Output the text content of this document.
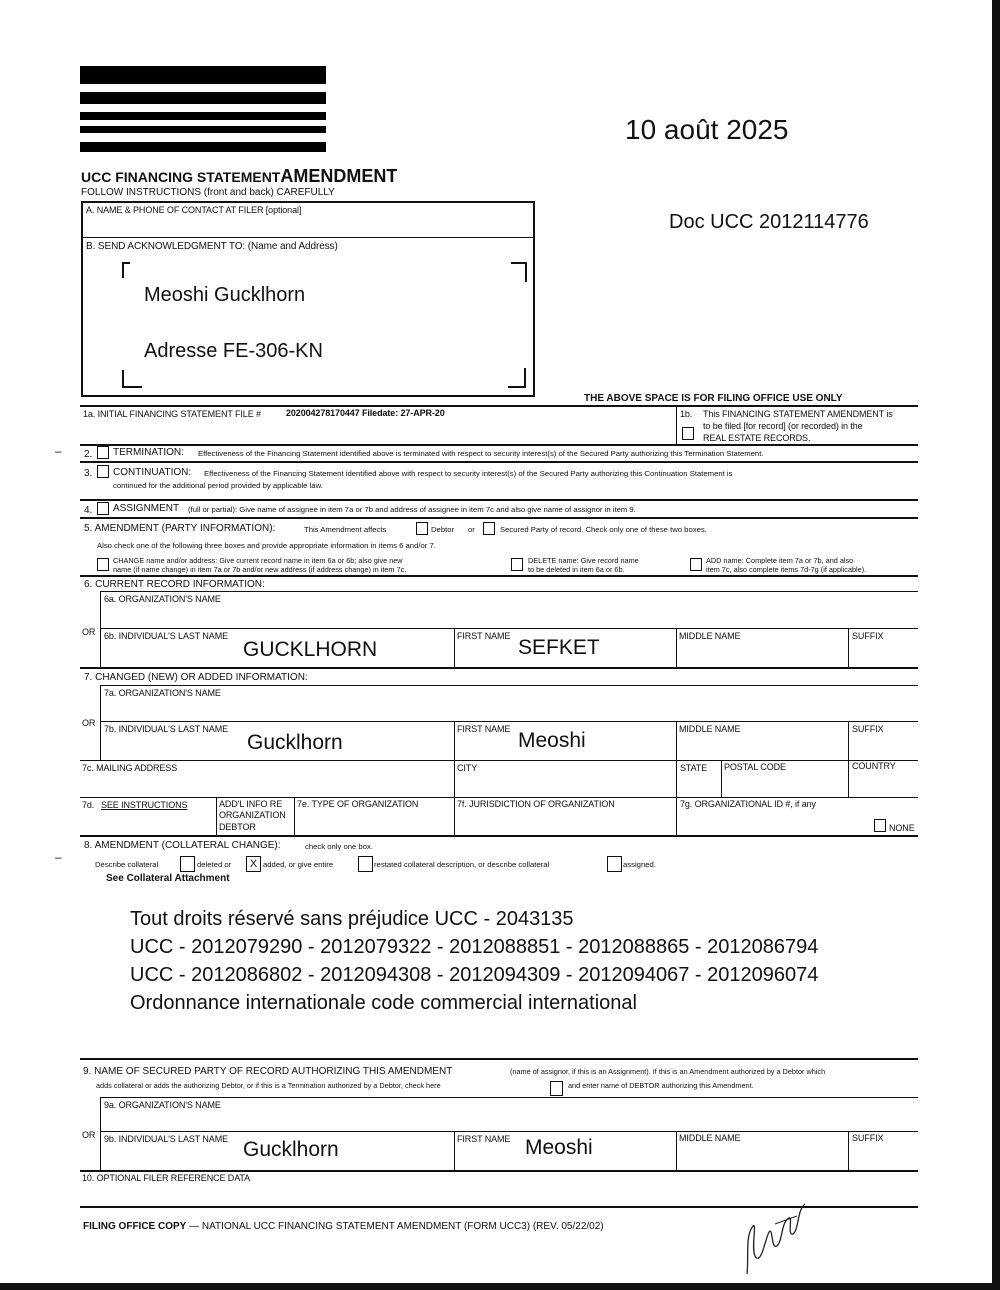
UCC FINANCING STATEMENTAMENDMENT
FOLLOW INSTRUCTIONS (front and back) CAREFULLY
10 août 2025
Doc UCC 2012114776
A. NAME & PHONE OF CONTACT AT FILER [optional]
B. SEND ACKNOWLEDGMENT TO: (Name and Address)
Meoshi Gucklhorn
Adresse FE-306-KN
THE ABOVE SPACE IS FOR FILING OFFICE USE ONLY
1a. INITIAL FINANCING STATEMENT FILE #	202004278170447 Filedate: 27-APR-20	1b. This FINANCING STATEMENT AMENDMENT is
to be filed [for record] (or recorded) in the
REAL ESTATE RECORDS.
– 2. TERMINATION: Effectiveness of the Financing Statement identified above is terminated with respect to security interest(s) of the Secured Party authorizing this Termination Statement.
3. CONTINUATION: Effectiveness of the Financing Statement identified above with respect to security interest(s) of the Secured Party authorizing this Continuation Statement is
continued for the additional period provided by applicable law.
4. ASSIGNMENT (full or partial): Give name of assignee in item 7a or 7b and address of assignee in item 7c and also give name of assignor in item 9.
5. AMENDMENT (PARTY INFORMATION):	This Amendment affects	Debtor or	Secured Party of record. Check only one of these two boxes.
Also check one of the following three boxes and provide appropriate information in items 6 and/or 7.
CHANGE name and/or address: Give current record name in item 6a or 6b; also give new
name (if name change) in item 7a or 7b and/or new address (if address change) in item 7c.
DELETE name: Give record name
to be deleted in item 6a or 6b.
ADD name: Complete item 7a or 7b, and also
item 7c, also complete items 7d-7g (if applicable).
6. CURRENT RECORD INFORMATION:
6a. ORGANIZATION'S NAME
OR 6b. INDIVIDUAL'S LAST NAME
GUCKLHORN
FIRST NAME SEFKET	MIDDLE NAME	SUFFIX
7. CHANGED (NEW) OR ADDED INFORMATION:
7a. ORGANIZATION'S NAME
OR
7b. INDIVIDUAL'S LAST NAME
Gucklhorn
FIRST NAME Meoshi	MIDDLE NAME	SUFFIX
7c. MAILING ADDRESS	CITY	STATE POSTAL CODE	COUNTRY
7d. SEE INSTRUCTIONS	ADD'L INFO RE
ORGANIZATION
DEBTOR
7e. TYPE OF ORGANIZATION	7f. JURISDICTION OF ORGANIZATION	7g. ORGANIZATIONAL ID #, if any
NONE
–
8. AMENDMENT (COLLATERAL CHANGE):	check only one box.
Describe collateral	deleted or	X added, or give entire	restated collateral description, or describe collateral	assigned.
See Collateral Attachment
Tout droits réservé sans préjudice UCC - 2043135
UCC - 2012079290 - 2012079322 - 2012088851 - 2012088865 - 2012086794
UCC - 2012086802 - 2012094308 - 2012094309 - 2012094067 - 2012096074
Ordonnance internationale code commercial international
9. NAME OF SECURED PARTY OF RECORD AUTHORIZING THIS AMENDMENT	(name of assignor, if this is an Assignment). If this is an Amendment authorized by a Debtor which
adds collateral or adds the authorizing Debtor, or if this is a Termination authorized by a Debtor, check here	and enter name of DEBTOR authorizing this Amendment.
9a. ORGANIZATION'S NAME
OR 9b. INDIVIDUAL'S LAST NAME Gucklhorn	FIRST NAME Meoshi	MIDDLE NAME	SUFFIX
10. OPTIONAL FILER REFERENCE DATA
FILING OFFICE COPY — NATIONAL UCC FINANCING STATEMENT AMENDMENT (FORM UCC3) (REV. 05/22/02)
